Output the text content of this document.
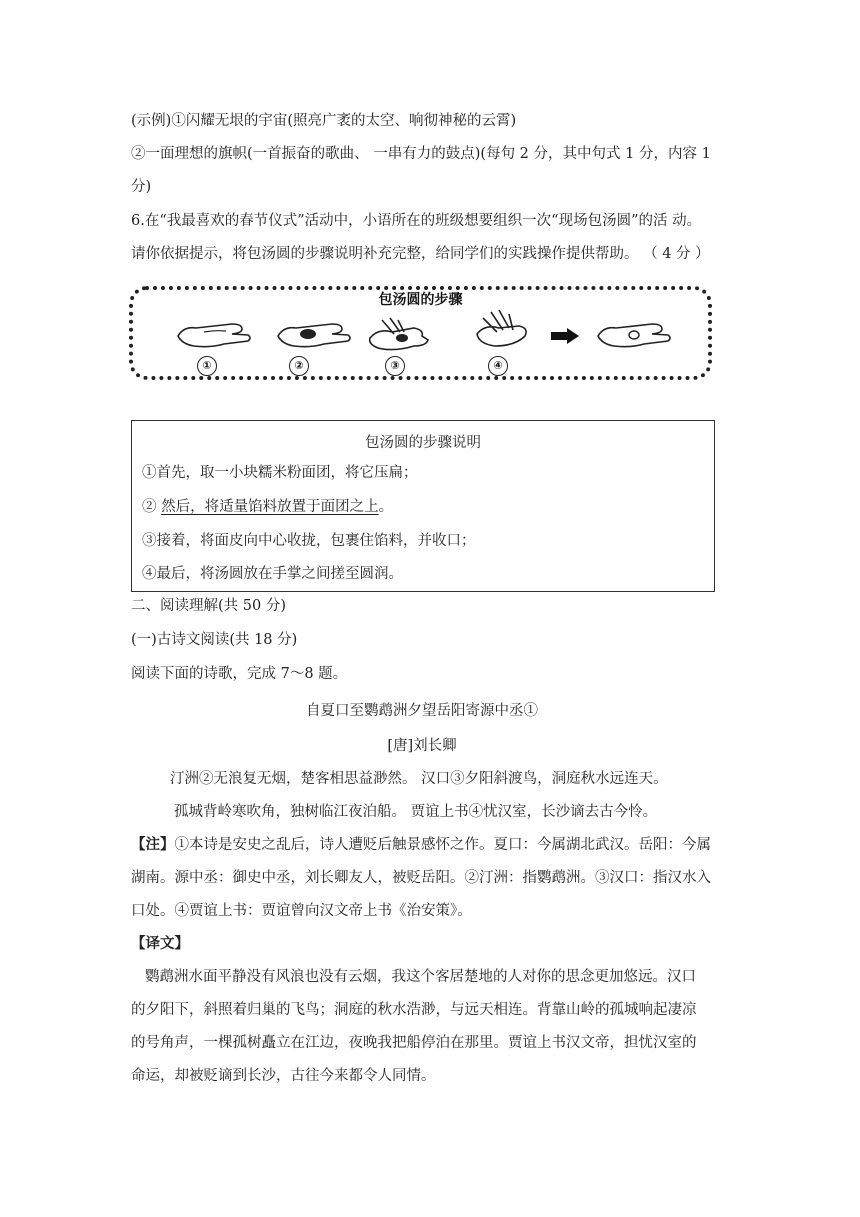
(示例)①闪耀无垠的宇宙(照亮广袤的太空、响彻神秘的云霄)
②一面理想的旗帜(一首振奋的歌曲、 一串有力的鼓点)(每句 2 分，其中句式 1 分，内容 1
分)
6.在“我最喜欢的春节仪式”活动中，小语所在的班级想要组织一次“现场包汤圆”的活 动。
请你依据提示，将包汤圆的步骤说明补充完整，给同学们的实践操作提供帮助。 （ 4 分 ）
包汤圆的步骤
①	②	③	④
包汤圆的步骤说明
①首先，取一小块糯米粉面团，将它压扁；
② 然后，将适量馅料放置于面团之上。
③接着，将面皮向中心收拢，包裹住馅料，并收口；
④最后，将汤圆放在手掌之间搓至圆润。
二、阅读理解(共 50 分)
(一)古诗文阅读(共 18 分)
阅读下面的诗歌，完成 7～8 题。
自夏口至鹦鹉洲夕望岳阳寄源中丞①
[唐]刘长卿
汀洲②无浪复无烟，楚客相思益渺然。 汉口③夕阳斜渡鸟，洞庭秋水远连天。
孤城背岭寒吹角，独树临江夜泊船。 贾谊上书④忧汉室，长沙谪去古今怜。
【注】①本诗是安史之乱后，诗人遭贬后触景感怀之作。夏口：今属湖北武汉。岳阳：今属
湖南。源中丞：御史中丞，刘长卿友人，被贬岳阳。②汀洲：指鹦鹉洲。③汉口：指汉水入
口处。④贾谊上书：贾谊曾向汉文帝上书《治安策》。
【译文】
鹦鹉洲水面平静没有风浪也没有云烟，我这个客居楚地的人对你的思念更加悠远。汉口
的夕阳下，斜照着归巢的飞鸟；洞庭的秋水浩渺，与远天相连。背靠山岭的孤城响起凄凉
的号角声，一棵孤树矗立在江边，夜晚我把船停泊在那里。贾谊上书汉文帝，担忧汉室的
命运，却被贬谪到长沙，古往今来都令人同情。
